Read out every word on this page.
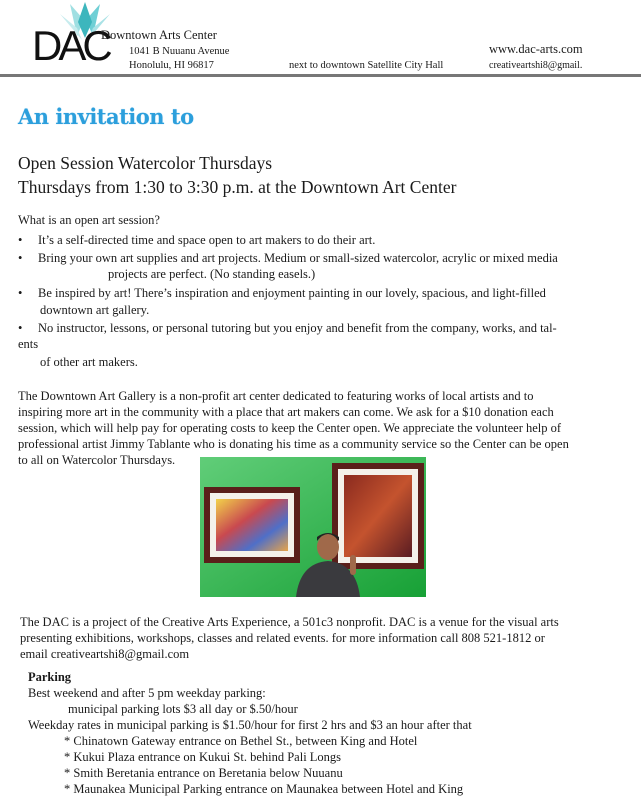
DAC
Downtown Arts Center
1041 B Nuuanu Avenue
Honolulu, HI 96817	next to downtown Satellite City Hall
www.dac-arts.com
creativeartshi8@gmail.
An invitation to
Open Session Watercolor Thursdays
Thursdays from 1:30 to 3:30 p.m. at the Downtown Art Center
What is an open art session?
• It’s a self-directed time and space open to art makers to do their art.
• Bring your own art supplies and art projects. Medium or small-sized watercolor, acrylic or mixed media
projects are perfect. (No standing easels.)
• Be inspired by art! There’s inspiration and enjoyment painting in our lovely, spacious, and light-filled
downtown art gallery.
• No instructor, lessons, or personal tutoring but you enjoy and benefit from the company, works, and tal-
ents
of other art makers.
The Downtown Art Gallery is a non-profit art center dedicated to featuring works of local artists and to
inspiring more art in the community with a place that art makers can come. We ask for a $10 donation each
session, which will help pay for operating costs to keep the Center open. We appreciate the volunteer help of
professional artist Jimmy Tablante who is donating his time as a community service so the Center can be open
to all on Watercolor Thursdays.
The DAC is a project of the Creative Arts Experience, a 501c3 nonprofit. DAC is a venue for the visual arts
presenting exhibitions, workshops, classes and related events. for more information call 808 521-1812 or
email creativeartshi8@gmail.com
Parking
Best weekend and after 5 pm weekday parking:
municipal parking lots $3 all day or $.50/hour
Weekday rates in municipal parking is $1.50/hour for first 2 hrs and $3 an hour after that
* Chinatown Gateway entrance on Bethel St., between King and Hotel
* Kukui Plaza entrance on Kukui St. behind Pali Longs
* Smith Beretania entrance on Beretania below Nuuanu
* Maunakea Municipal Parking entrance on Maunakea between Hotel and King
